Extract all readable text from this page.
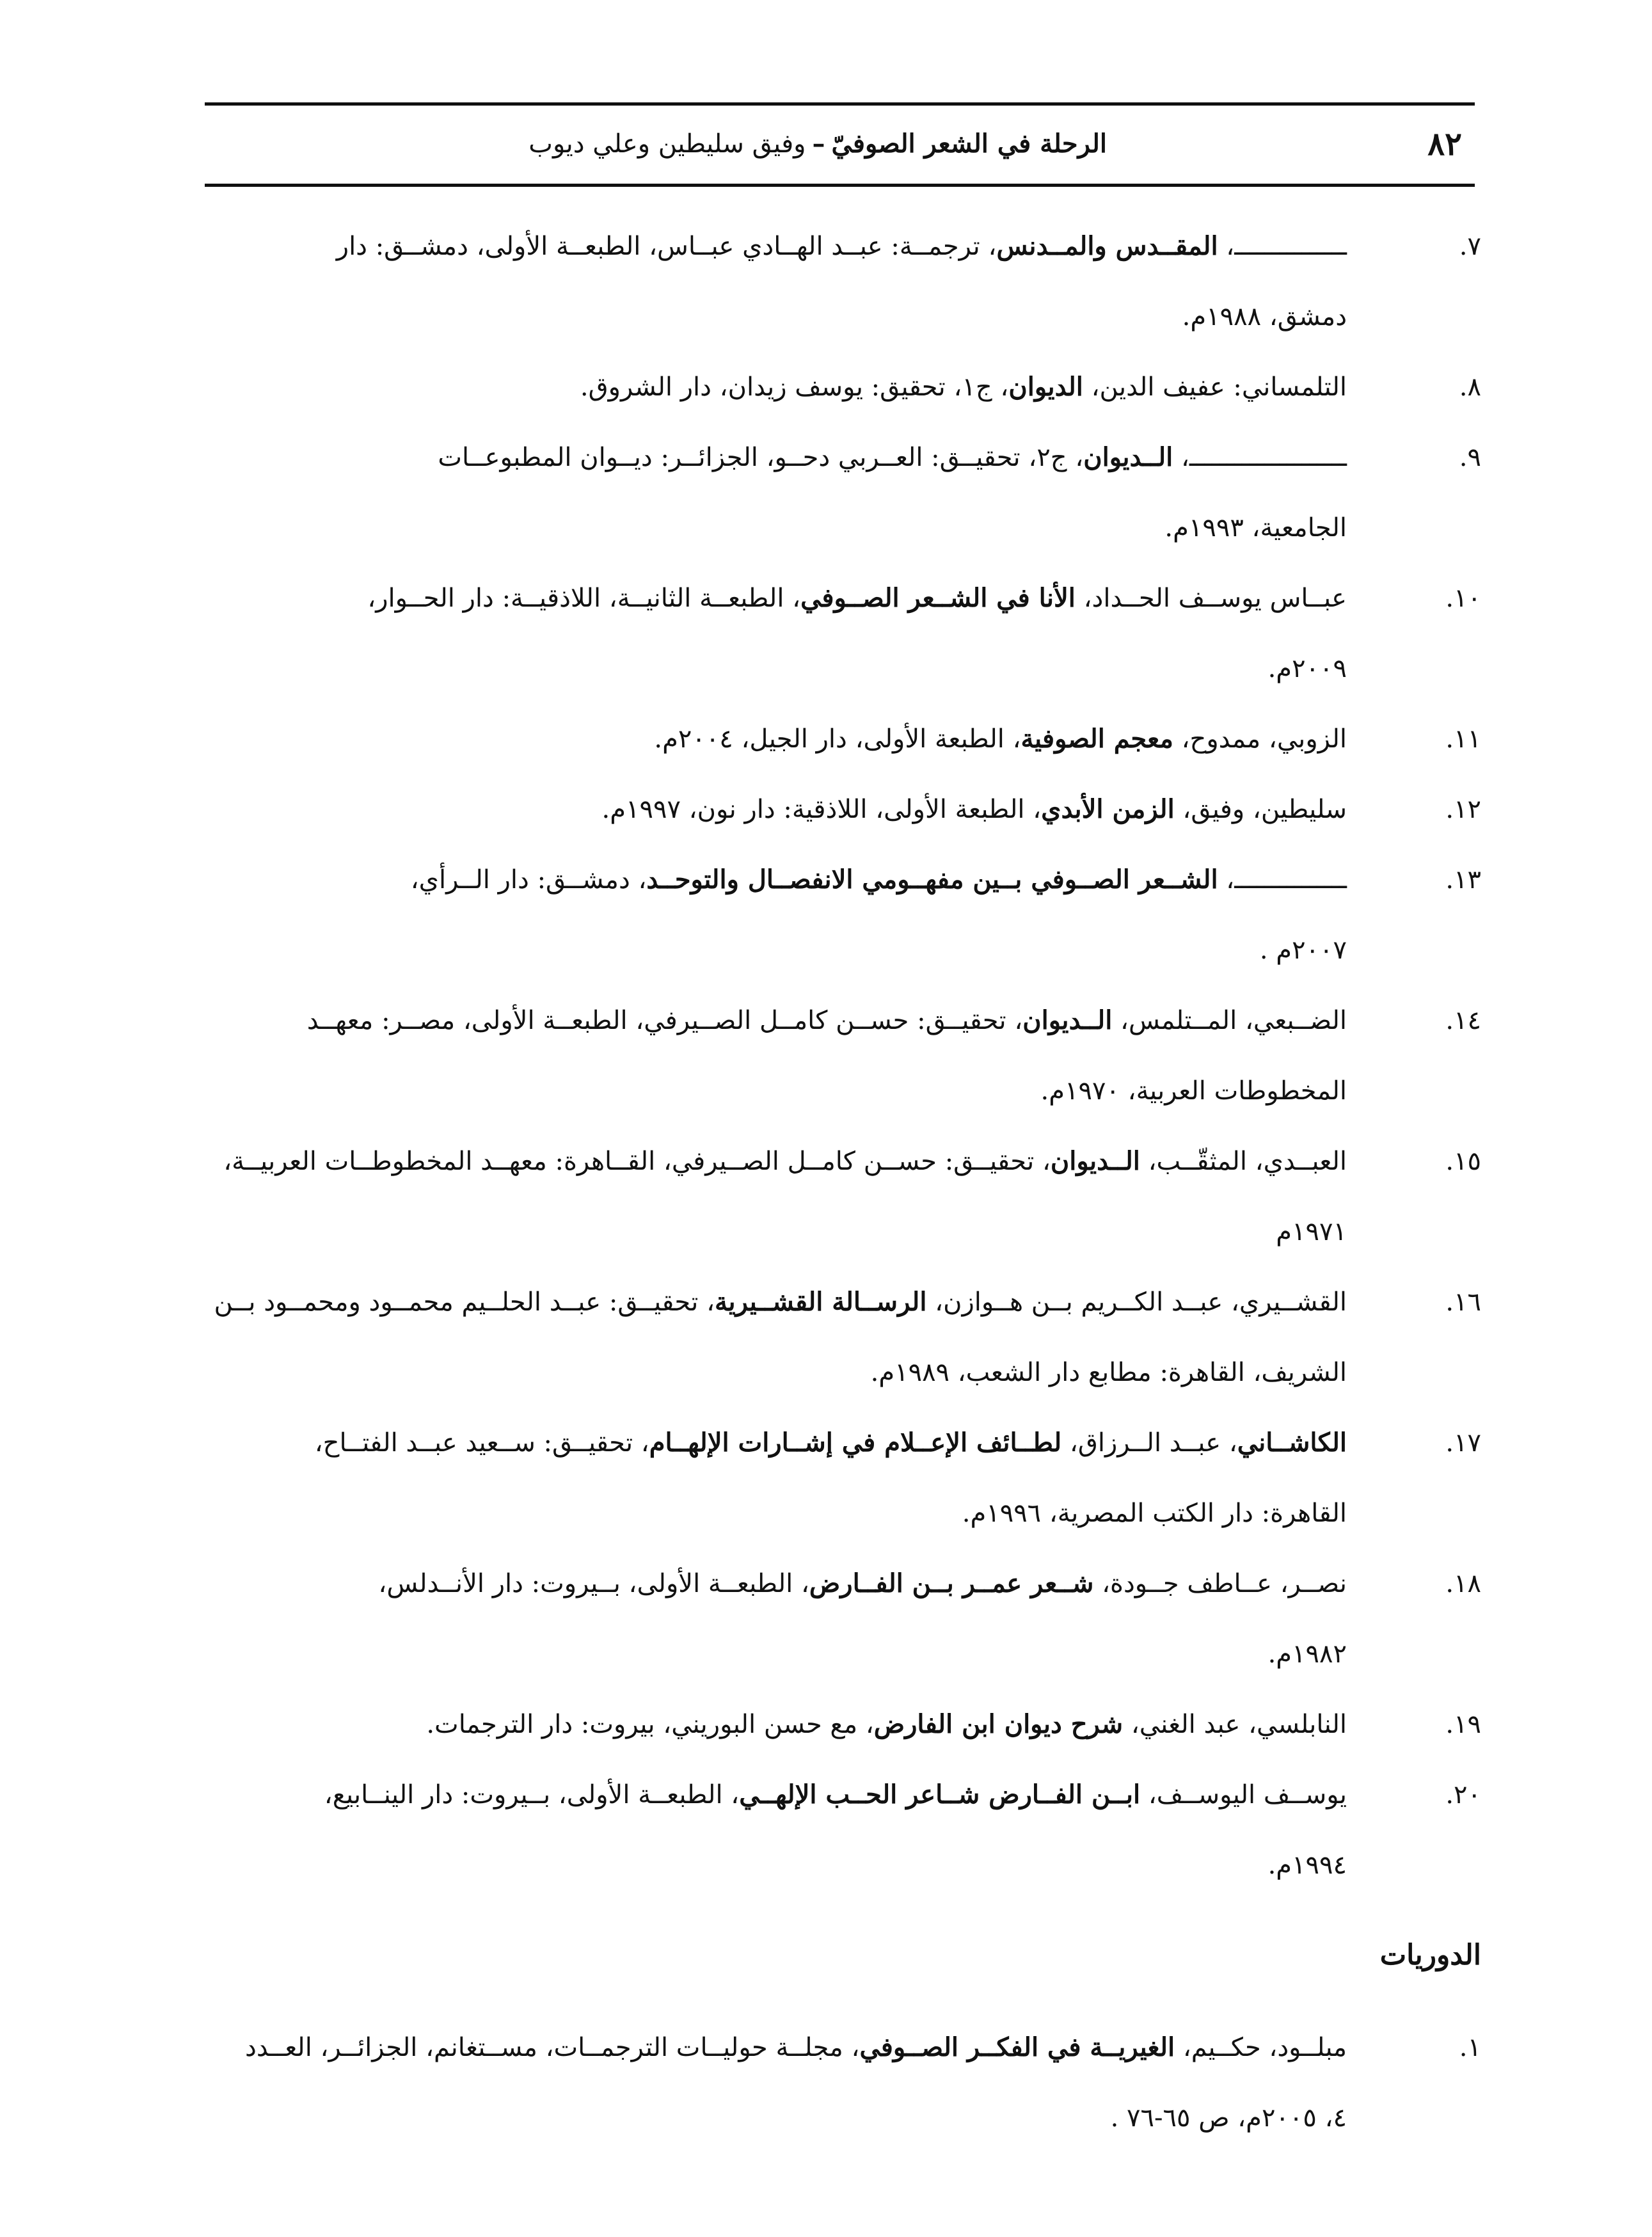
٨٢
الرحلة في الشعر الصوفيّ–وفيق سليطين وعلي ديوب
٧.ـــــــــــــــ، المقــدس والمــدنس، ترجمــة: عبــد الهــادي عبــاس، الطبعــة الأولى، دمشــق: دار
دمشق، ١٩٨٨م.
٨.التلمساني: عفيف الدين، الديوان، ج١، تحقيق: يوسف زيدان، دار الشروق.
٩.ـــــــــــــــــــــ، الــديوان، ج٢، تحقيــق: العــربي دحــو، الجزائــر: ديــوان المطبوعــات
الجامعية، ١٩٩٣م.
١٠.عبــاس يوســف الحــداد، الأنا في الشــعر الصــوفي، الطبعــة الثانيــة، اللاذقيــة: دار الحــوار،
٢٠٠٩م.
١١.الزوبي، ممدوح، معجم الصوفية، الطبعة الأولى، دار الجيل، ٢٠٠٤م.
١٢.سليطين، وفيق، الزمن الأبدي، الطبعة الأولى، اللاذقية: دار نون، ١٩٩٧م.
١٣.ـــــــــــــــ، الشــعر الصــوفي بــين مفهــومي الانفصــال والتوحــد، دمشــق: دار الــرأي،
٢٠٠٧م .
١٤.الضــبعي، المــتلمس، الــديوان، تحقيــق: حســن كامــل الصــيرفي، الطبعــة الأولى، مصــر: معهــد
المخطوطات العربية، ١٩٧٠م.
١٥.العبــدي، المثقّــب، الــديوان، تحقيــق: حســن كامــل الصــيرفي، القــاهرة: معهــد المخطوطــات العربيــة،
١٩٧١م
١٦.القشــيري، عبــد الكــريم بــن هــوازن، الرســالة القشــيرية، تحقيــق: عبــد الحلــيم محمــود ومحمــود بــن
الشريف، القاهرة: مطابع دار الشعب، ١٩٨٩م.
١٧.الكاشــاني، عبــد الــرزاق، لطــائف الإعــلام في إشــارات الإلهــام، تحقيــق: ســعيد عبــد الفتــاح،
القاهرة: دار الكتب المصرية، ١٩٩٦م.
١٨.نصــر، عــاطف جــودة، شــعر عمــر بــن الفــارض، الطبعــة الأولى، بــيروت: دار الأنــدلس،
١٩٨٢م.
١٩.النابلسي، عبد الغني، شرح ديوان ابن الفارض، مع حسن البوريني، بيروت: دار الترجمات.
٢٠.يوســف اليوســف، ابــن الفــارض شــاعر الحــب الإلهــي، الطبعــة الأولى، بــيروت: دار الينــابيع،
١٩٩٤م.
الدوريات
١.مبلــود، حكــيم، الغيريــة في الفكــر الصــوفي، مجلــة حوليــات الترجمــات، مســتغانم، الجزائــر، العــدد
٤، ٢٠٠٥م، ص ٦٥-٧٦ .
